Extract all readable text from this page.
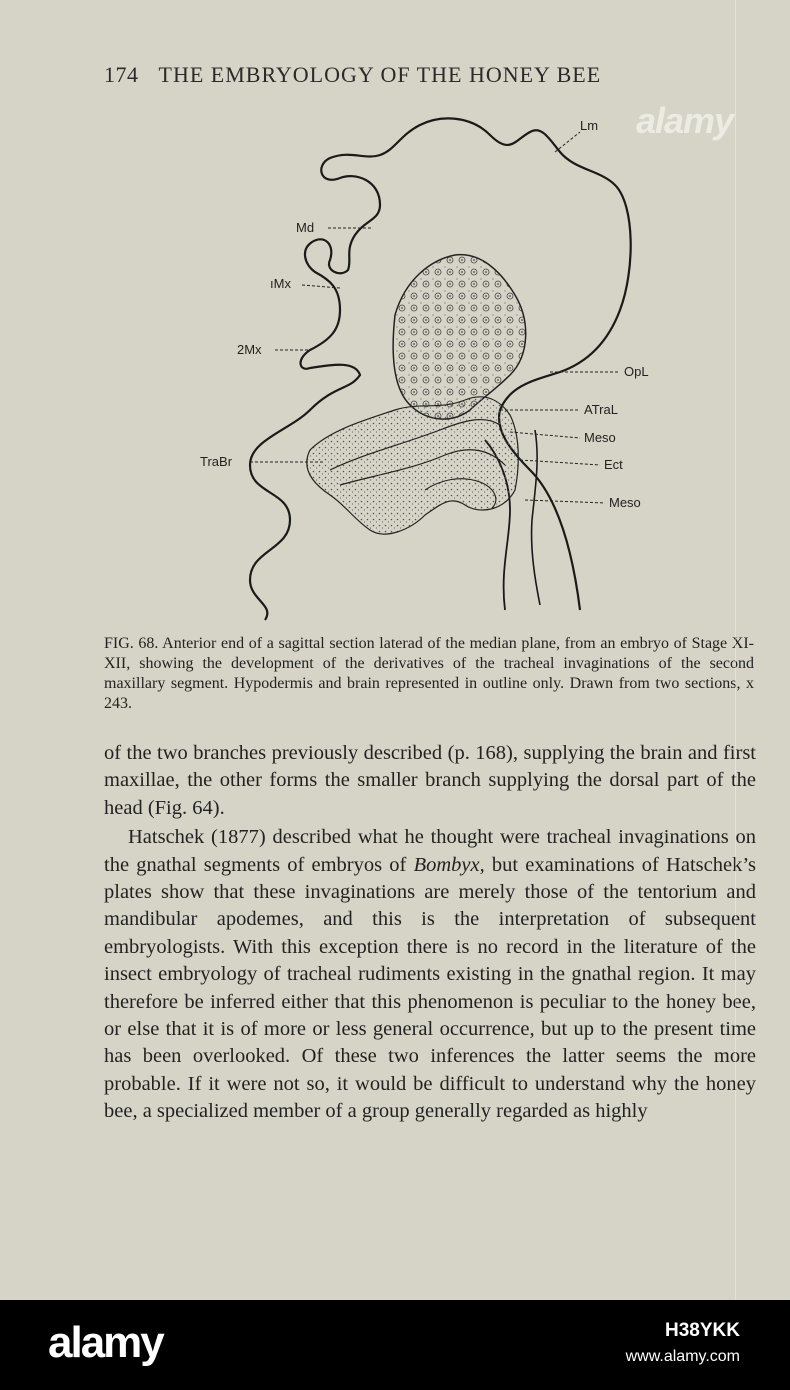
174 THE EMBRYOLOGY OF THE HONEY BEE
alamy
Lm
Md
ıMx
2Mx
TraBr
OpL
ATraL
Meso
Ect
Meso
FIG. 68. Anterior end of a sagittal section laterad of the median plane, from an embryo of Stage XI-XII, showing the development of the derivatives of the tracheal invaginations of the second maxillary segment. Hypodermis and brain represented in outline only. Drawn from two sections, x 243.

of the two branches previously described (p. 168), supplying the brain and first maxillae, the other forms the smaller branch supplying the dorsal part of the head (Fig. 64).

Hatschek (1877) described what he thought were tracheal invaginations on the gnathal segments of embryos of Bombyx, but examinations of Hatschek’s plates show that these invaginations are merely those of the tentorium and mandibular apodemes, and this is the interpretation of subsequent embryologists. With this exception there is no record in the literature of the insect embryology of tracheal rudiments existing in the gnathal region. It may therefore be inferred either that this phenomenon is peculiar to the honey bee, or else that it is of more or less general occurrence, but up to the present time has been overlooked. Of these two inferences the latter seems the more probable. If it were not so, it would be difficult to understand why the honey bee, a specialized member of a group generally regarded as highly

alamy	H38YKK
www.alamy.com
